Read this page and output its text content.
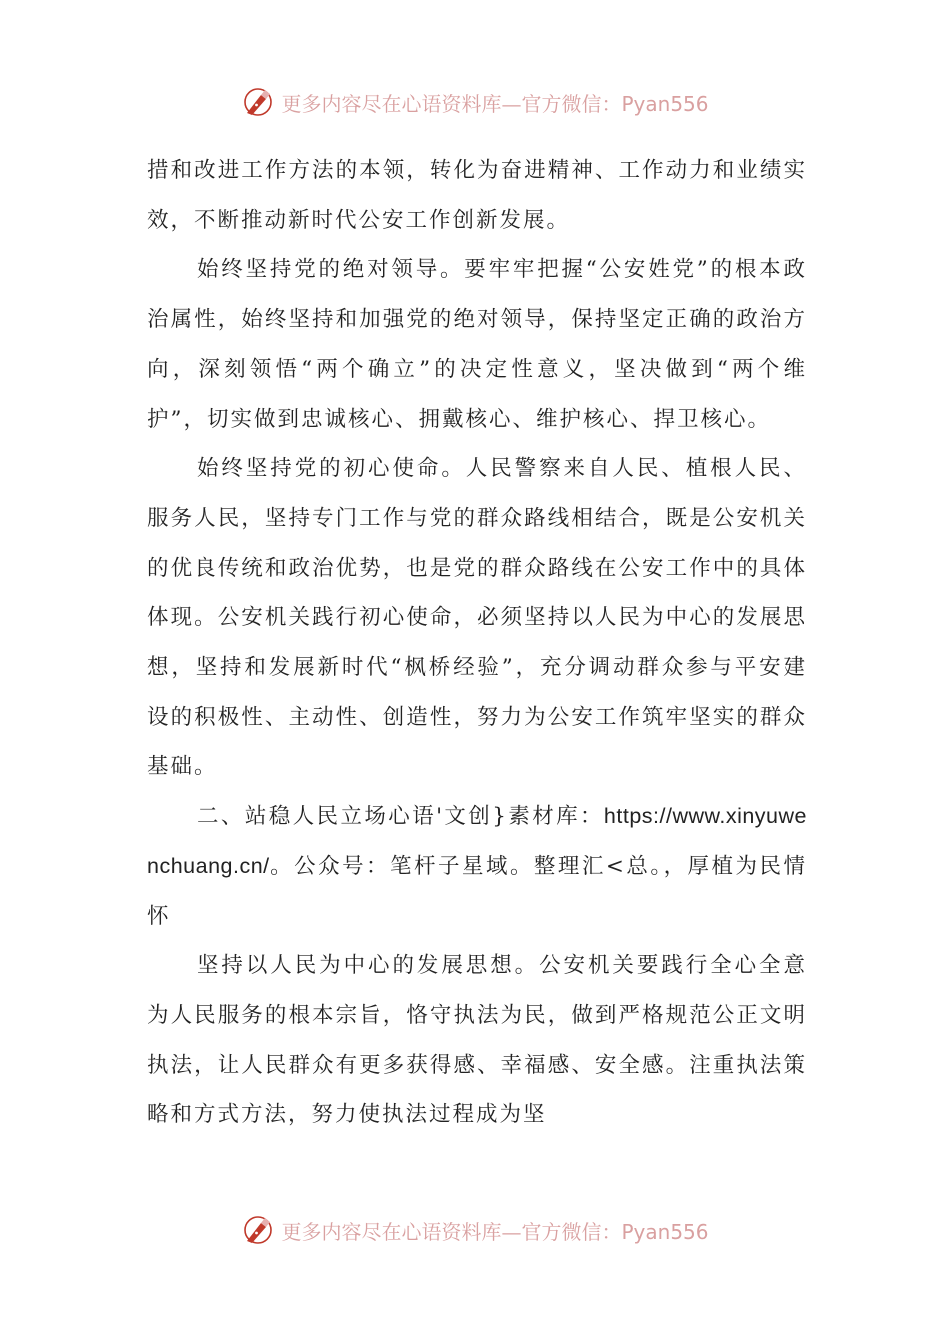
更多内容尽在心语资料库—官方微信：Pyan556

措和改进工作方法的本领，转化为奋进精神、工作动力和业绩实效，不断推动新时代公安工作创新发展。

始终坚持党的绝对领导。要牢牢把握“公安姓党”的根本政治属性，始终坚持和加强党的绝对领导，保持坚定正确的政治方向，深刻领悟“两个确立”的决定性意义，坚决做到“两个维护”，切实做到忠诚核心、拥戴核心、维护核心、捍卫核心。

始终坚持党的初心使命。人民警察来自人民、植根人民、服务人民，坚持专门工作与党的群众路线相结合，既是公安机关的优良传统和政治优势，也是党的群众路线在公安工作中的具体体现。公安机关践行初心使命，必须坚持以人民为中心的发展思想，坚持和发展新时代“枫桥经验”，充分调动群众参与平安建设的积极性、主动性、创造性，努力为公安工作筑牢坚实的群众基础。

二、站稳人民立场心语'文创}素材库：https://www.xinyuwenchuang.cn/。公众号：笔杆子星域。整理汇<总。，厚植为民情怀

坚持以人民为中心的发展思想。公安机关要践行全心全意为人民服务的根本宗旨，恪守执法为民，做到严格规范公正文明执法，让人民群众有更多获得感、幸福感、安全感。注重执法策略和方式方法，努力使执法过程成为坚

更多内容尽在心语资料库—官方微信：Pyan556
